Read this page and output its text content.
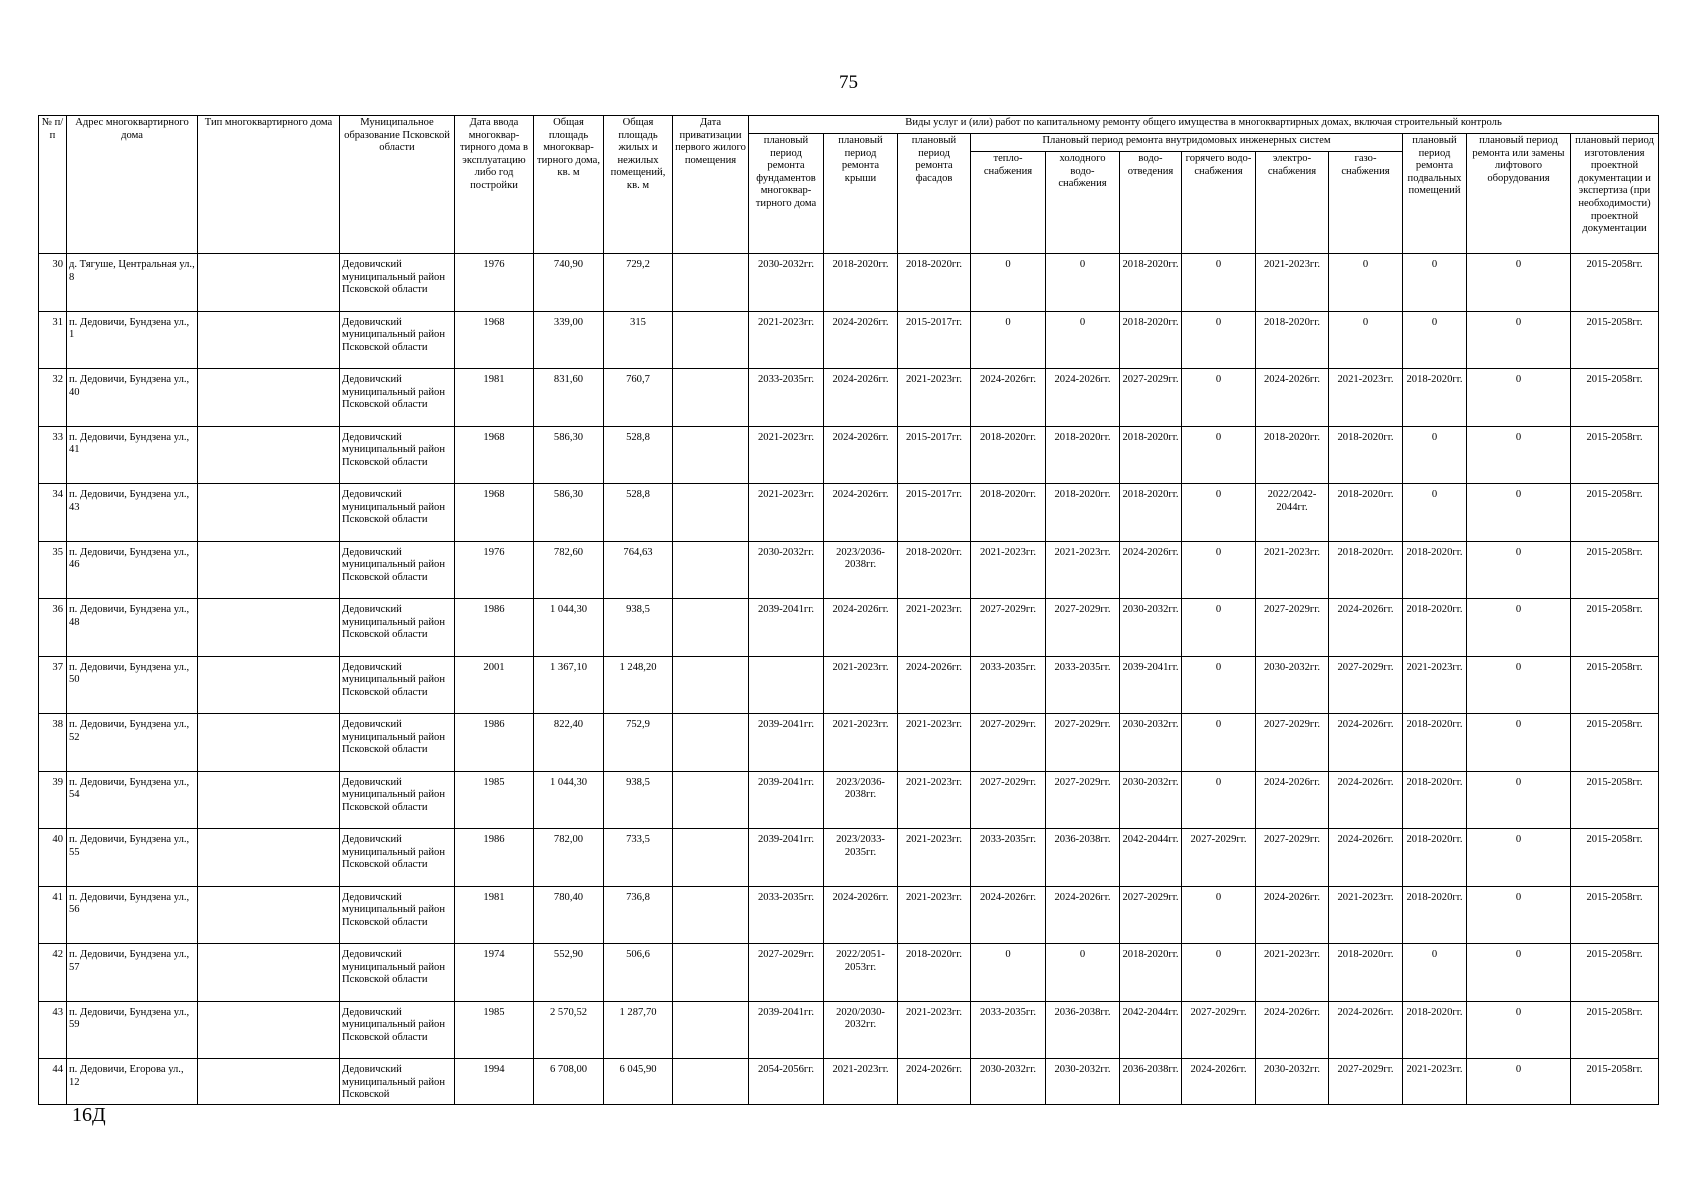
75
№ п/п	Адрес многоквартирного дома	Тип многоквартирного дома	Муниципальное образование Псковской области	Дата ввода многоквар-тирного дома в эксплуатацию либо год постройки	Общая площадь многоквар-тирного дома, кв. м	Общая площадь жилых и нежилых помещений, кв. м	Дата приватизации первого жилого помещения	Виды услуг и (или) работ по капитальному ремонту общего имущества в многоквартирных домах, включая строительный контроль											
								плановый период ремонта фундаментов многоквар-тирного дома	плановый период ремонта крыши	плановый период ремонта фасадов	Плановый период ремонта внутридомовых инженерных систем						плановый период ремонта подвальных помещений	плановый период ремонта или замены лифтового оборудования	плановый период изготовления проектной документации и экспертиза (при необходимости) проектной документации
											тепло-снабжения	холодного водо-снабжения	водо-отведения	горячего водо-снабжения	электро-снабжения	газо-снабжения			
30	д. Тягуше, Центральная ул., 8		Дедовичский муниципальный район Псковской области	1976	740,90	729,2		2030-2032гг.	2018-2020гг.	2018-2020гг.	0	0	2018-2020гг.	0	2021-2023гг.	0	0	0	2015-2058гг.
31	п. Дедовичи, Бундзена ул., 1		Дедовичский муниципальный район Псковской области	1968	339,00	315		2021-2023гг.	2024-2026гг.	2015-2017гг.	0	0	2018-2020гг.	0	2018-2020гг.	0	0	0	2015-2058гг.
32	п. Дедовичи, Бундзена ул., 40		Дедовичский муниципальный район Псковской области	1981	831,60	760,7		2033-2035гг.	2024-2026гг.	2021-2023гг.	2024-2026гг.	2024-2026гг.	2027-2029гг.	0	2024-2026гг.	2021-2023гг.	2018-2020гг.	0	2015-2058гг.
33	п. Дедовичи, Бундзена ул., 41		Дедовичский муниципальный район Псковской области	1968	586,30	528,8		2021-2023гг.	2024-2026гг.	2015-2017гг.	2018-2020гг.	2018-2020гг.	2018-2020гг.	0	2018-2020гг.	2018-2020гг.	0	0	2015-2058гг.
34	п. Дедовичи, Бундзена ул., 43		Дедовичский муниципальный район Псковской области	1968	586,30	528,8		2021-2023гг.	2024-2026гг.	2015-2017гг.	2018-2020гг.	2018-2020гг.	2018-2020гг.	0	2022/2042-2044гг.	2018-2020гг.	0	0	2015-2058гг.
35	п. Дедовичи, Бундзена ул., 46		Дедовичский муниципальный район Псковской области	1976	782,60	764,63		2030-2032гг.	2023/2036-2038гг.	2018-2020гг.	2021-2023гг.	2021-2023гг.	2024-2026гг.	0	2021-2023гг.	2018-2020гг.	2018-2020гг.	0	2015-2058гг.
36	п. Дедовичи, Бундзена ул., 48		Дедовичский муниципальный район Псковской области	1986	1 044,30	938,5		2039-2041гг.	2024-2026гг.	2021-2023гг.	2027-2029гг.	2027-2029гг.	2030-2032гг.	0	2027-2029гг.	2024-2026гг.	2018-2020гг.	0	2015-2058гг.
37	п. Дедовичи, Бундзена ул., 50		Дедовичский муниципальный район Псковской области	2001	1 367,10	1 248,20			2021-2023гг.	2024-2026гг.	2033-2035гг.	2033-2035гг.	2039-2041гг.	0	2030-2032гг.	2027-2029гг.	2021-2023гг.	0	2015-2058гг.
38	п. Дедовичи, Бундзена ул., 52		Дедовичский муниципальный район Псковской области	1986	822,40	752,9		2039-2041гг.	2021-2023гг.	2021-2023гг.	2027-2029гг.	2027-2029гг.	2030-2032гг.	0	2027-2029гг.	2024-2026гг.	2018-2020гг.	0	2015-2058гг.
39	п. Дедовичи, Бундзена ул., 54		Дедовичский муниципальный район Псковской области	1985	1 044,30	938,5		2039-2041гг.	2023/2036-2038гг.	2021-2023гг.	2027-2029гг.	2027-2029гг.	2030-2032гг.	0	2024-2026гг.	2024-2026гг.	2018-2020гг.	0	2015-2058гг.
40	п. Дедовичи, Бундзена ул., 55		Дедовичский муниципальный район Псковской области	1986	782,00	733,5		2039-2041гг.	2023/2033-2035гг.	2021-2023гг.	2033-2035гг.	2036-2038гг.	2042-2044гг.	2027-2029гг.	2027-2029гг.	2024-2026гг.	2018-2020гг.	0	2015-2058гг.
41	п. Дедовичи, Бундзена ул., 56		Дедовичский муниципальный район Псковской области	1981	780,40	736,8		2033-2035гг.	2024-2026гг.	2021-2023гг.	2024-2026гг.	2024-2026гг.	2027-2029гг.	0	2024-2026гг.	2021-2023гг.	2018-2020гг.	0	2015-2058гг.
42	п. Дедовичи, Бундзена ул., 57		Дедовичский муниципальный район Псковской области	1974	552,90	506,6		2027-2029гг.	2022/2051-2053гг.	2018-2020гг.	0	0	2018-2020гг.	0	2021-2023гг.	2018-2020гг.	0	0	2015-2058гг.
43	п. Дедовичи, Бундзена ул., 59		Дедовичский муниципальный район Псковской области	1985	2 570,52	1 287,70		2039-2041гг.	2020/2030-2032гг.	2021-2023гг.	2033-2035гг.	2036-2038гг.	2042-2044гг.	2027-2029гг.	2024-2026гг.	2024-2026гг.	2018-2020гг.	0	2015-2058гг.
44	п. Дедовичи, Егорова ул., 12		Дедовичский муниципальный район Псковской	1994	6 708,00	6 045,90		2054-2056гг.	2021-2023гг.	2024-2026гг.	2030-2032гг.	2030-2032гг.	2036-2038гг.	2024-2026гг.	2030-2032гг.	2027-2029гг.	2021-2023гг.	0	2015-2058гг.
16Д
